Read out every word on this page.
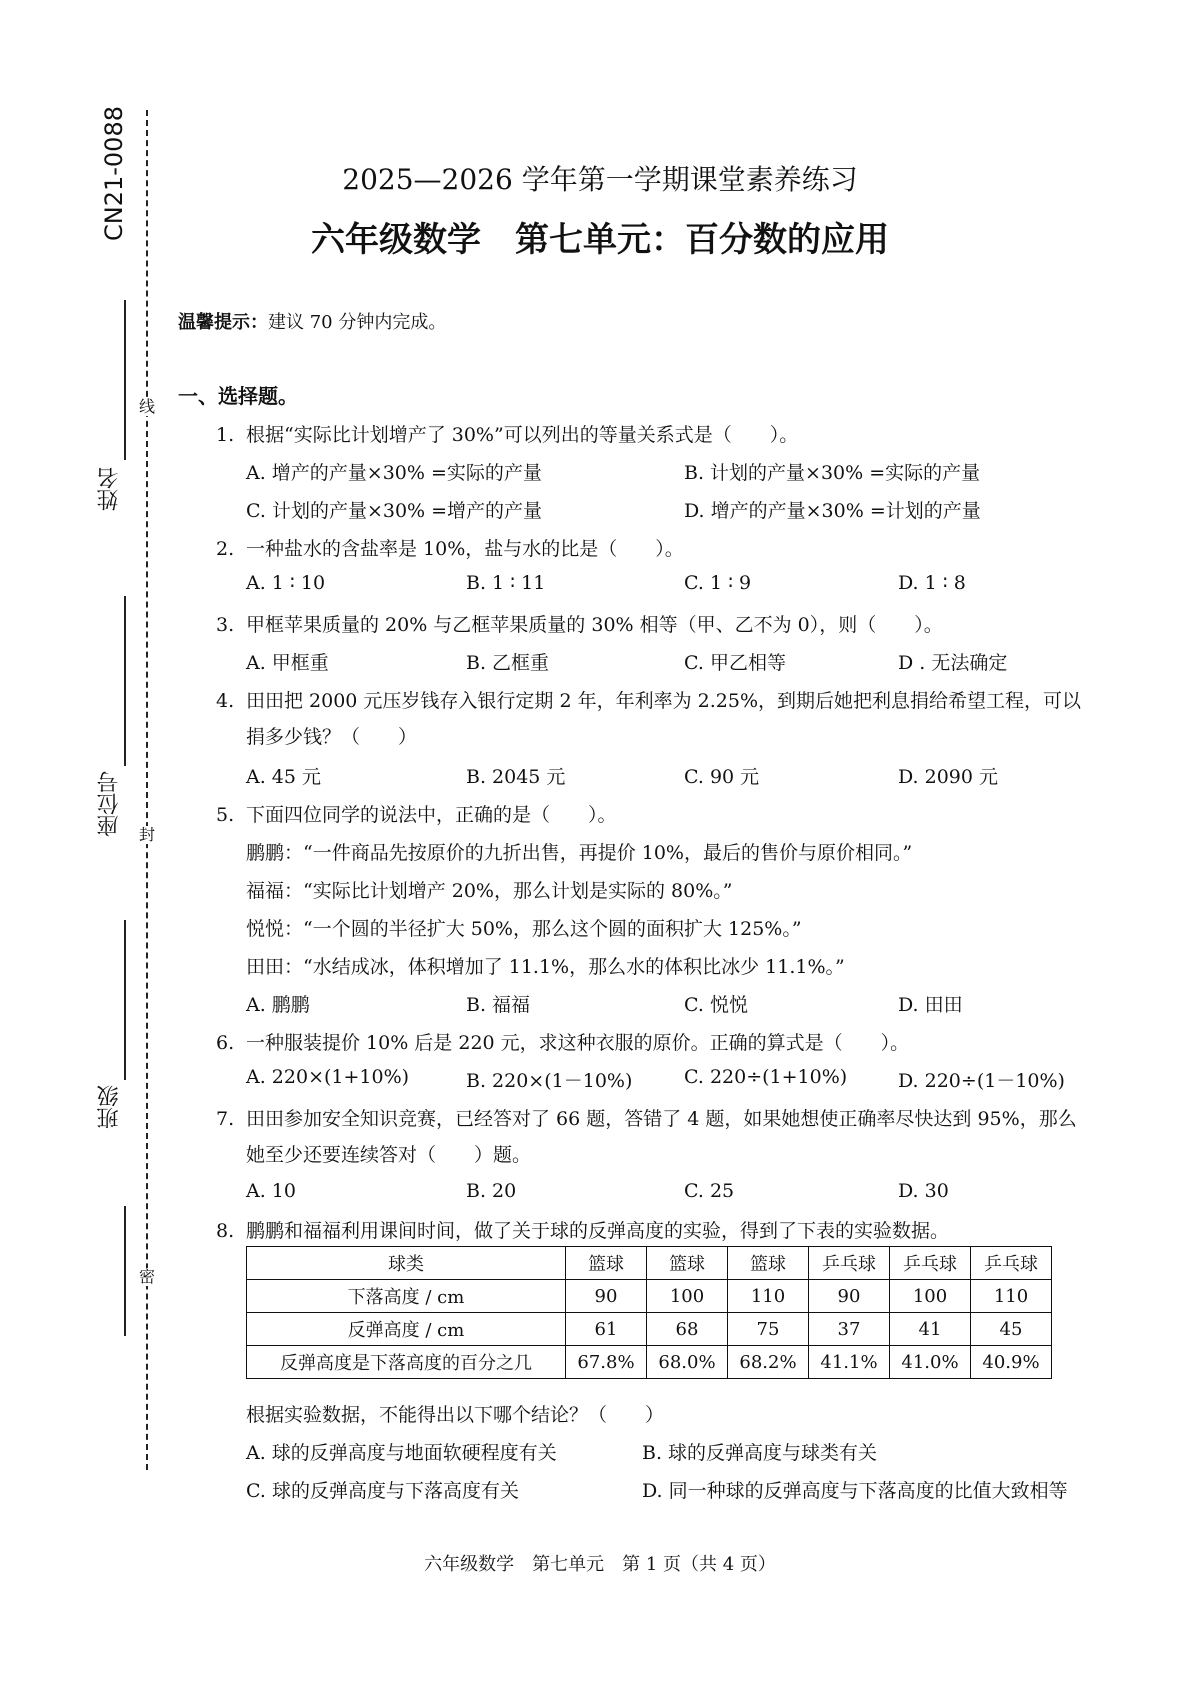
CN21-0088
线
封
密
姓名
座位号
班级
2025—2026 学年第一学期课堂素养练习
六年级数学　第七单元：百分数的应用
温馨提示：建议 70 分钟内完成。
一、选择题。
1. 根据“实际比计划增产了 30%”可以列出的等量关系式是（　　）。
A. 增产的产量×30% =实际的产量	B. 计划的产量×30% =实际的产量
C. 计划的产量×30% =增产的产量	D. 增产的产量×30% =计划的产量
2. 一种盐水的含盐率是 10%，盐与水的比是（　　）。
A. 1 ∶ 10	B. 1 ∶ 11	C. 1 ∶ 9	D. 1 ∶ 8
3. 甲框苹果质量的 20% 与乙框苹果质量的 30% 相等（甲、乙不为 0），则（　　）。
A. 甲框重	B. 乙框重	C. 甲乙相等	D . 无法确定
4. 田田把 2000 元压岁钱存入银行定期 2 年，年利率为 2.25%，到期后她把利息捐给希望工程，可以
捐多少钱？（　　）
A. 45 元	B. 2045 元	C. 90 元	D. 2090 元
5. 下面四位同学的说法中，正确的是（　　）。
鹏鹏：“一件商品先按原价的九折出售，再提价 10%，最后的售价与原价相同。”
福福：“实际比计划增产 20%，那么计划是实际的 80%。”
悦悦：“一个圆的半径扩大 50%，那么这个圆的面积扩大 125%。”
田田：“水结成冰，体积增加了 11.1%，那么水的体积比冰少 11.1%。”
A. 鹏鹏	B. 福福	C. 悦悦	D. 田田
6. 一种服装提价 10% 后是 220 元，求这种衣服的原价。正确的算式是（　　）。
A. 220×(1+10%)	B. 220×(1－10%)	C. 220÷(1+10%)	D. 220÷(1－10%)
7. 田田参加安全知识竞赛，已经答对了 66 题，答错了 4 题，如果她想使正确率尽快达到 95%，那么
她至少还要连续答对（　　）题。
A. 10	B. 20	C. 25	D. 30
8. 鹏鹏和福福利用课间时间，做了关于球的反弹高度的实验，得到了下表的实验数据。
球类	篮球	篮球	篮球	乒乓球	乒乓球	乒乓球
下落高度 / cm	90	100	110	90	100	110
反弹高度 / cm	61	68	75	37	41	45
反弹高度是下落高度的百分之几	67.8%	68.0%	68.2%	41.1%	41.0%	40.9%
根据实验数据，不能得出以下哪个结论？（　　）
A. 球的反弹高度与地面软硬程度有关	B. 球的反弹高度与球类有关
C. 球的反弹高度与下落高度有关	D. 同一种球的反弹高度与下落高度的比值大致相等
六年级数学　第七单元　第 1 页（共 4 页）
